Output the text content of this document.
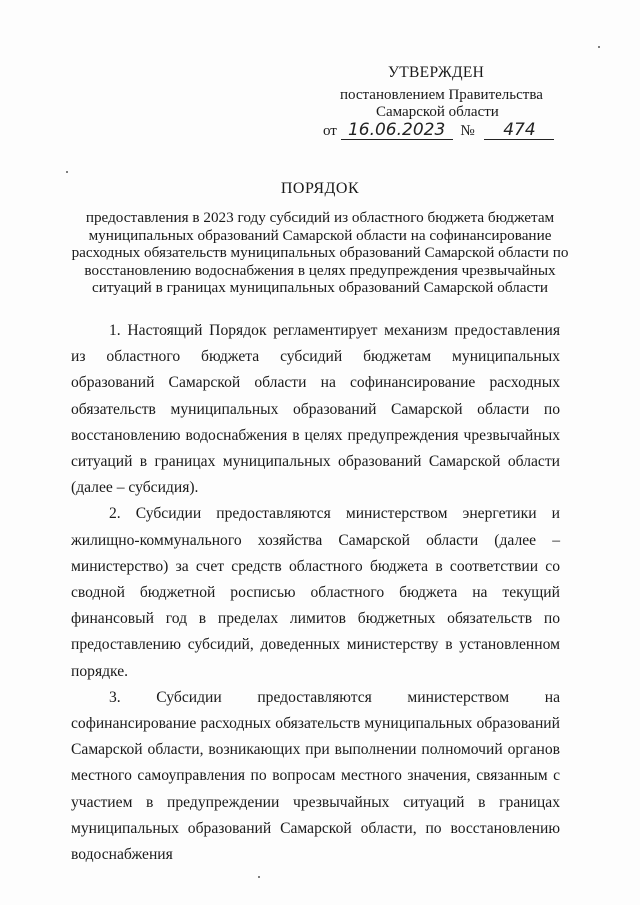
УТВЕРЖДЕН
постановлением Правительства
Самарской области
от 16.06.2023 № 474
ПОРЯДОК
предоставления в 2023 году субсидий из областного бюджета бюджетам муниципальных образований Самарской области на софинансирование расходных обязательств муниципальных образований Самарской области по восстановлению водоснабжения в целях предупреждения чрезвычайных ситуаций в границах муниципальных образований Самарской области

1. Настоящий Порядок регламентирует механизм предоставления из областного бюджета субсидий бюджетам муниципальных образований Самарской области на софинансирование расходных обязательств муниципальных образований Самарской области по восстановлению водоснабжения в целях предупреждения чрезвычайных ситуаций в границах муниципальных образований Самарской области (далее – субсидия).

2. Субсидии предоставляются министерством энергетики и жилищно-коммунального хозяйства Самарской области (далее – министерство) за счет средств областного бюджета в соответствии со сводной бюджетной росписью областного бюджета на текущий финансовый год в пределах лимитов бюджетных обязательств по предоставлению субсидий, доведенных министерству в установленном порядке.

3. Субсидии предоставляются министерством на софинансирование расходных обязательств муниципальных образований Самарской области, возникающих при выполнении полномочий органов местного самоуправления по вопросам местного значения, связанным с участием в предупреждении чрезвычайных ситуаций в границах муниципальных образований Самарской области, по восстановлению водоснабжения
